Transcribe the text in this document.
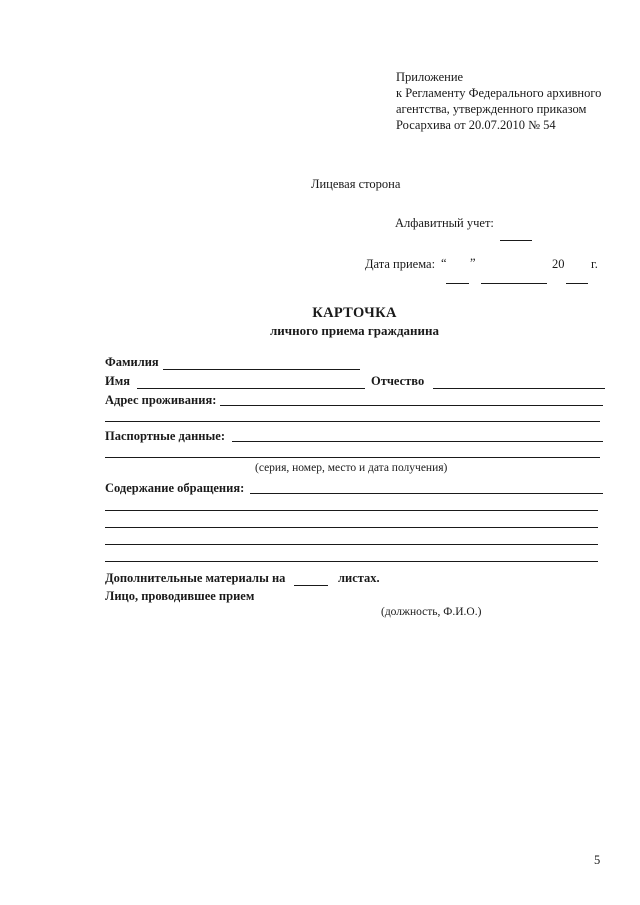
Приложение
к Регламенту Федерального архивного
агентства, утвержденного приказом
Росархива от 20.07.2010 № 54
Лицевая сторона
Алфавитный учет:
Дата приема: “ ”	20 г.
КАРТОЧКА
личного приема гражданина
Фамилия
Имя	Отчество
Адрес проживания:
Паспортные данные:
(серия, номер, место и дата получения)
Содержание обращения:
Дополнительные материалы на	листах.
Лицо, проводившее прием
(должность, Ф.И.О.)
5
